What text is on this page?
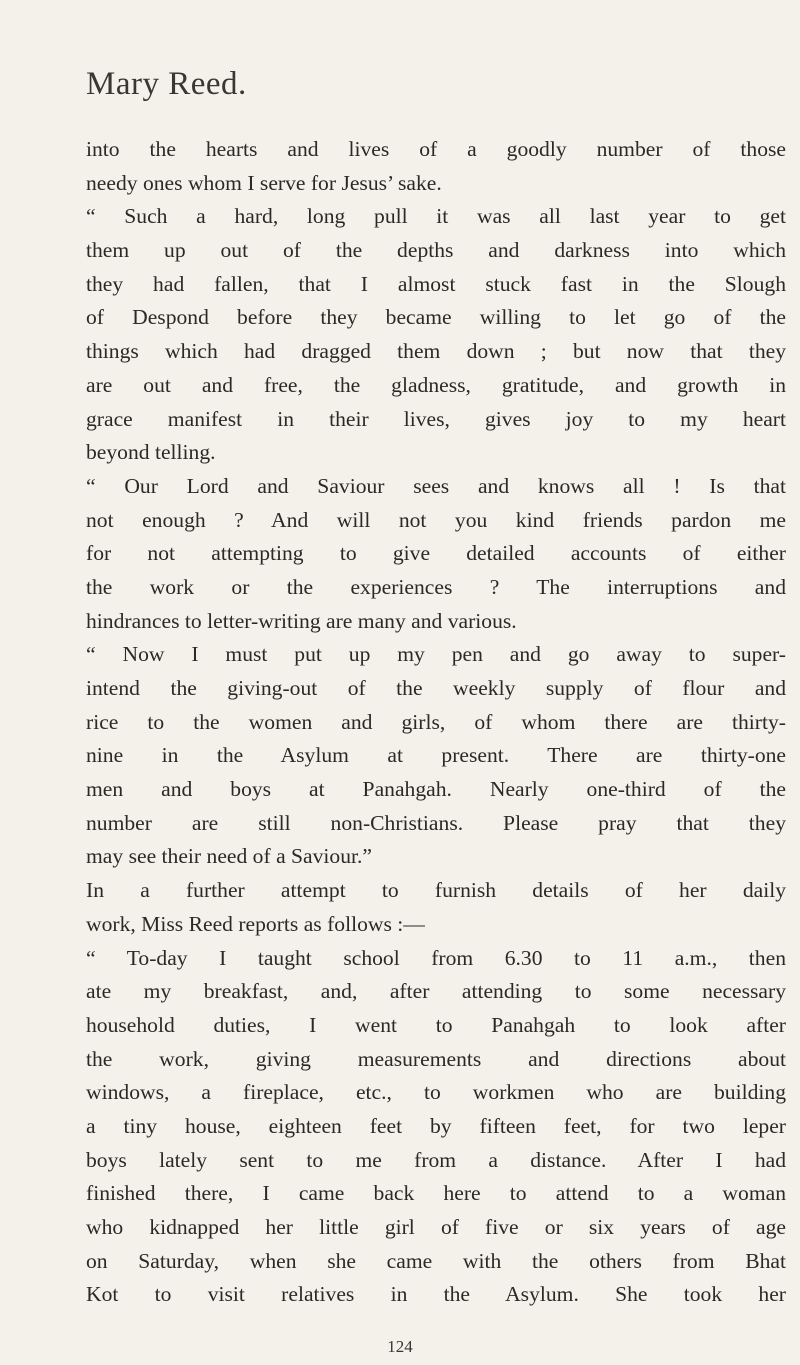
Mary Reed.
into the hearts and lives of a goodly number of those
needy ones whom I serve for Jesus’ sake.
“ Such a hard, long pull it was all last year to get
them up out of the depths and darkness into which
they had fallen, that I almost stuck fast in the Slough
of Despond before they became willing to let go of the
things which had dragged them down ; but now that they
are out and free, the gladness, gratitude, and growth in
grace manifest in their lives, gives joy to my heart
beyond telling.
“ Our Lord and Saviour sees and knows all ! Is that
not enough ? And will not you kind friends pardon me
for not attempting to give detailed accounts of either
the work or the experiences ? The interruptions and
hindrances to letter-writing are many and various.
“ Now I must put up my pen and go away to super-
intend the giving-out of the weekly supply of flour and
rice to the women and girls, of whom there are thirty-
nine in the Asylum at present. There are thirty-one
men and boys at Panahgah. Nearly one-third of the
number are still non-Christians. Please pray that they
may see their need of a Saviour.”
In a further attempt to furnish details of her daily
work, Miss Reed reports as follows :—
“ To-day I taught school from 6.30 to 11 a.m., then
ate my breakfast, and, after attending to some necessary
household duties, I went to Panahgah to look after
the work, giving measurements and directions about
windows, a fireplace, etc., to workmen who are building
a tiny house, eighteen feet by fifteen feet, for two leper
boys lately sent to me from a distance. After I had
finished there, I came back here to attend to a woman
who kidnapped her little girl of five or six years of age
on Saturday, when she came with the others from Bhat
Kot to visit relatives in the Asylum. She took her
124
